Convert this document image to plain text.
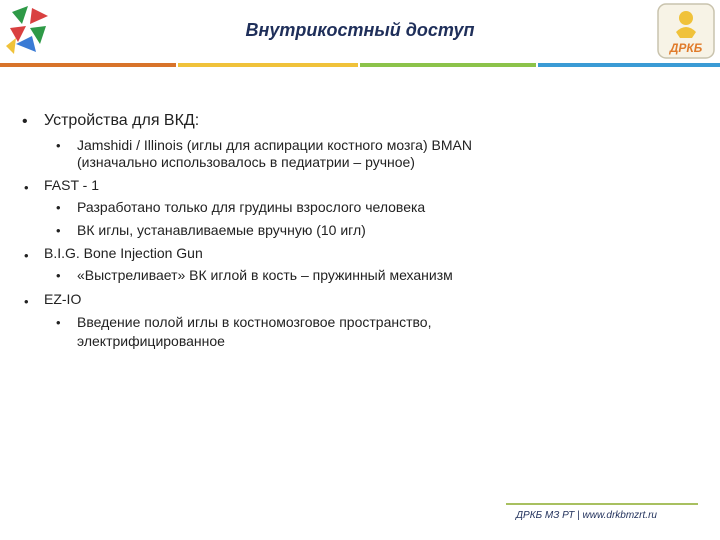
Внутрикостный доступ
ДРКБ
• Устройства для ВКД:
• Jamshidi / Illinois (иглы для аспирации костного мозга) BMAN
(изначально использовалось в педиатрии – ручное)
• FAST - 1
• Разработано только для грудины взрослого человека
• ВК иглы, устанавливаемые вручную (10 игл)
• B.I.G. Bone Injection Gun
• «Выстреливает» ВК иглой в кость – пружинный механизм
• EZ-IO
• Введение полой иглы в костномозговое пространство,
электрифицированное
ДРКБ МЗ РТ | www.drkbmzrt.ru
